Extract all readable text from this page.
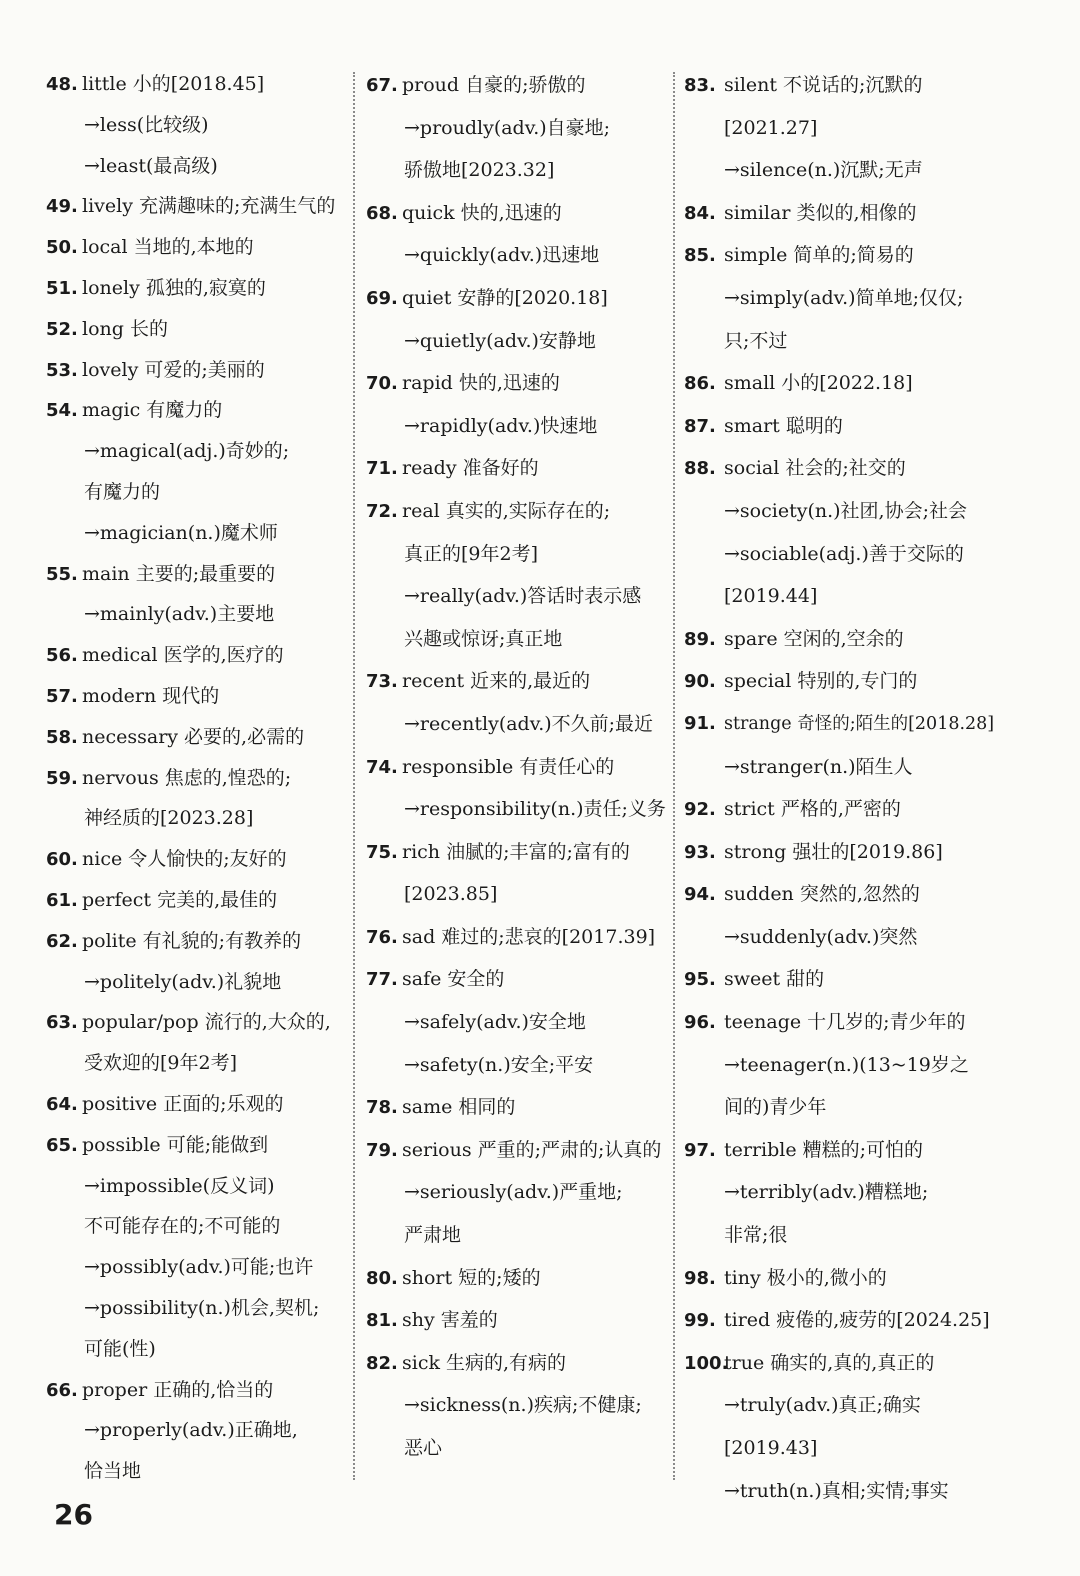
48. little 小的[2018.45]
→less(比较级)
→least(最高级)
49. lively 充满趣味的;充满生气的
50. local 当地的,本地的
51. lonely 孤独的,寂寞的
52. long 长的
53. lovely 可爱的;美丽的
54. magic 有魔力的
→magical(adj.)奇妙的;
有魔力的
→magician(n.)魔术师
55. main 主要的;最重要的
→mainly(adv.)主要地
56. medical 医学的,医疗的
57. modern 现代的
58. necessary 必要的,必需的
59. nervous 焦虑的,惶恐的;
神经质的[2023.28]
60. nice 令人愉快的;友好的
61. perfect 完美的,最佳的
62. polite 有礼貌的;有教养的
→politely(adv.)礼貌地
63. popular/pop 流行的,大众的,
受欢迎的[9年2考]
64. positive 正面的;乐观的
65. possible 可能;能做到
→impossible(反义词)
不可能存在的;不可能的
→possibly(adv.)可能;也许
→possibility(n.)机会,契机;
可能(性)
66. proper 正确的,恰当的
→properly(adv.)正确地,
恰当地
67. proud 自豪的;骄傲的
→proudly(adv.)自豪地;
骄傲地[2023.32]
68. quick 快的,迅速的
→quickly(adv.)迅速地
69. quiet 安静的[2020.18]
→quietly(adv.)安静地
70. rapid 快的,迅速的
→rapidly(adv.)快速地
71. ready 准备好的
72. real 真实的,实际存在的;
真正的[9年2考]
→really(adv.)答话时表示感
兴趣或惊讶;真正地
73. recent 近来的,最近的
→recently(adv.)不久前;最近
74. responsible 有责任心的
→responsibility(n.)责任;义务
75. rich 油腻的;丰富的;富有的
[2023.85]
76. sad 难过的;悲哀的[2017.39]
77. safe 安全的
→safely(adv.)安全地
→safety(n.)安全;平安
78. same 相同的
79. serious 严重的;严肃的;认真的
→seriously(adv.)严重地;
严肃地
80. short 短的;矮的
81. shy 害羞的
82. sick 生病的,有病的
→sickness(n.)疾病;不健康;
恶心
83. silent 不说话的;沉默的
[2021.27]
→silence(n.)沉默;无声
84. similar 类似的,相像的
85. simple 简单的;简易的
→simply(adv.)简单地;仅仅;
只;不过
86. small 小的[2022.18]
87. smart 聪明的
88. social 社会的;社交的
→society(n.)社团,协会;社会
→sociable(adj.)善于交际的
[2019.44]
89. spare 空闲的,空余的
90. special 特别的,专门的
91. strange 奇怪的;陌生的[2018.28]
→stranger(n.)陌生人
92. strict 严格的,严密的
93. strong 强壮的[2019.86]
94. sudden 突然的,忽然的
→suddenly(adv.)突然
95. sweet 甜的
96. teenage 十几岁的;青少年的
→teenager(n.)(13~19岁之
间的)青少年
97. terrible 糟糕的;可怕的
→terribly(adv.)糟糕地;
非常;很
98. tiny 极小的,微小的
99. tired 疲倦的,疲劳的[2024.25]
100.true 确实的,真的,真正的
→truly(adv.)真正;确实
[2019.43]
→truth(n.)真相;实情;事实
26
